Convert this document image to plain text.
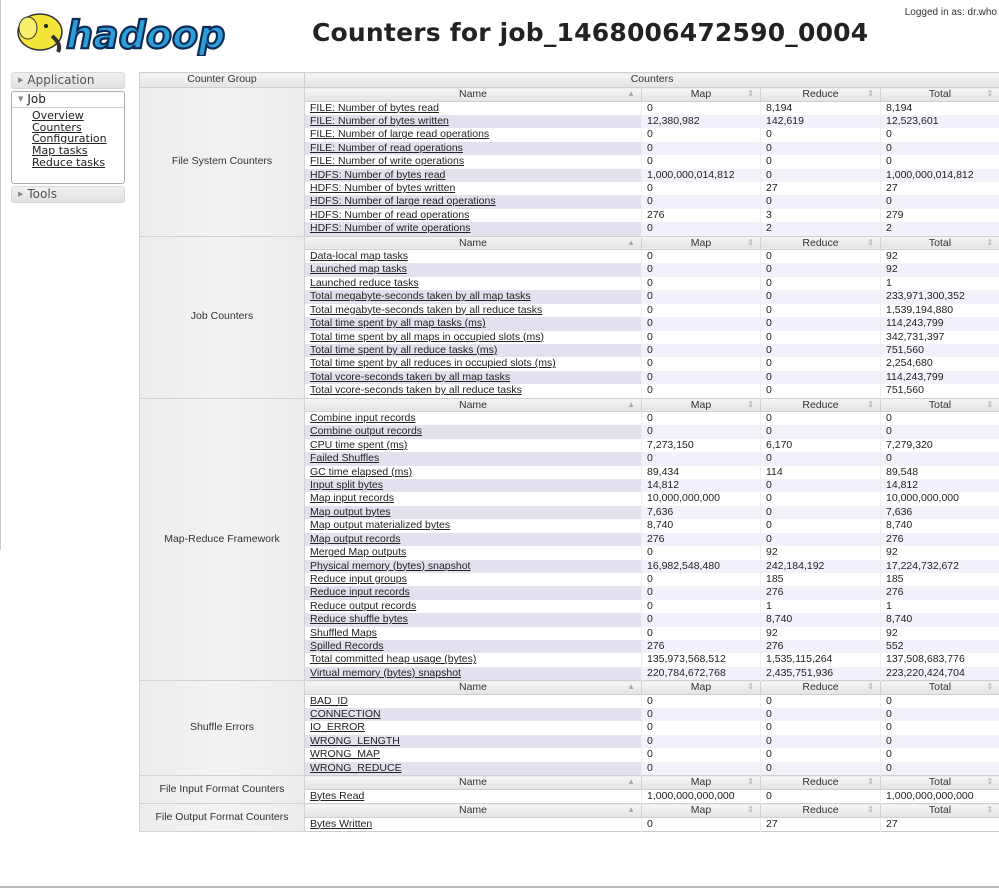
hadoop	Counters for job_1468006472590_0004
Logged in as: dr.who
▶ Application
▼ Job
Overview
Counters
Configuration
Map tasks
Reduce tasks
▶ Tools
Counter Group	Counters			
File System Counters	Name ▲	Map ⇕	Reduce ⇕	Total ⇕

	FILE: Number of bytes read	0	8,194	8,194
	FILE: Number of bytes written	12,380,982	142,619	12,523,601
	FILE: Number of large read operations	0	0	0
	FILE: Number of read operations	0	0	0
	FILE: Number of write operations	0	0	0
	HDFS: Number of bytes read	1,000,000,014,812	0	1,000,000,014,812
	HDFS: Number of bytes written	0	27	27
	HDFS: Number of large read operations	0	0	0
	HDFS: Number of read operations	276	3	279
	HDFS: Number of write operations	0	2	2
Job Counters	Name ▲	Map ⇕	Reduce ⇕	Total ⇕

	Data-local map tasks	0	0	92
	Launched map tasks	0	0	92
	Launched reduce tasks	0	0	1
	Total megabyte-seconds taken by all map tasks	0	0	233,971,300,352
	Total megabyte-seconds taken by all reduce tasks	0	0	1,539,194,880
	Total time spent by all map tasks (ms)	0	0	114,243,799
	Total time spent by all maps in occupied slots (ms)	0	0	342,731,397
	Total time spent by all reduce tasks (ms)	0	0	751,560
	Total time spent by all reduces in occupied slots (ms)	0	0	2,254,680
	Total vcore-seconds taken by all map tasks	0	0	114,243,799
	Total vcore-seconds taken by all reduce tasks	0	0	751,560
Map-Reduce Framework	Name ▲	Map ⇕	Reduce ⇕	Total ⇕

	Combine input records	0	0	0
	Combine output records	0	0	0
	CPU time spent (ms)	7,273,150	6,170	7,279,320
	Failed Shuffles	0	0	0
	GC time elapsed (ms)	89,434	114	89,548
	Input split bytes	14,812	0	14,812
	Map input records	10,000,000,000	0	10,000,000,000
	Map output bytes	7,636	0	7,636
	Map output materialized bytes	8,740	0	8,740
	Map output records	276	0	276
	Merged Map outputs	0	92	92
	Physical memory (bytes) snapshot	16,982,548,480	242,184,192	17,224,732,672
	Reduce input groups	0	185	185
	Reduce input records	0	276	276
	Reduce output records	0	1	1
	Reduce shuffle bytes	0	8,740	8,740
	Shuffled Maps	0	92	92
	Spilled Records	276	276	552
	Total committed heap usage (bytes)	135,973,568,512	1,535,115,264	137,508,683,776
	Virtual memory (bytes) snapshot	220,784,672,768	2,435,751,936	223,220,424,704
Shuffle Errors	Name ▲	Map ⇕	Reduce ⇕	Total ⇕

	BAD_ID	0	0	0
	CONNECTION	0	0	0
	IO_ERROR	0	0	0
	WRONG_LENGTH	0	0	0
	WRONG_MAP	0	0	0
	WRONG_REDUCE	0	0	0
File Input Format Counters	Name ▲	Map ⇕	Reduce ⇕	Total ⇕

	Bytes Read	1,000,000,000,000	0	1,000,000,000,000
File Output Format Counters	Name ▲	Map ⇕	Reduce ⇕	Total ⇕

	Bytes Written	0	27	27
